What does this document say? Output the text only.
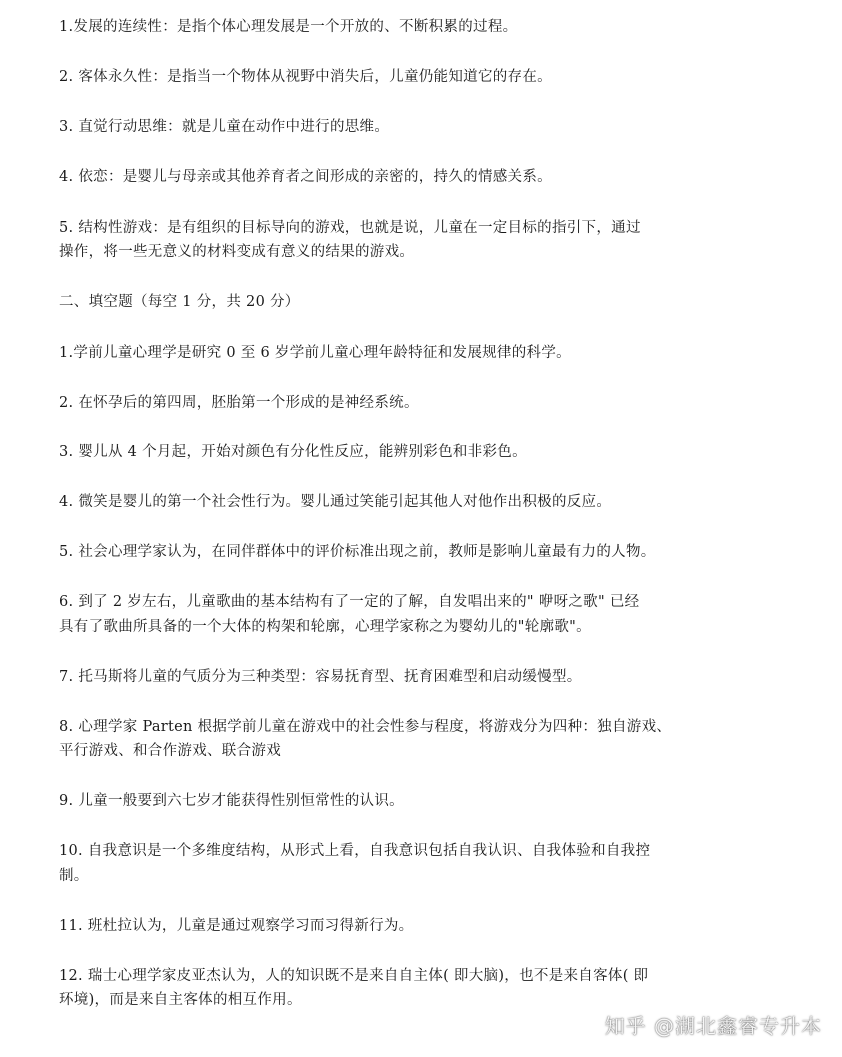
1.发展的连续性：是指个体心理发展是一个开放的、不断积累的过程。
2. 客体永久性：是指当一个物体从视野中消失后，儿童仍能知道它的存在。
3. 直觉行动思维：就是儿童在动作中进行的思维。
4. 依恋：是婴儿与母亲或其他养育者之间形成的亲密的，持久的情感关系。
5. 结构性游戏：是有组织的目标导向的游戏，也就是说，儿童在一定目标的指引下，通过
操作，将一些无意义的材料变成有意义的结果的游戏。
二、填空题（每空 1 分，共 20 分）
1.学前儿童心理学是研究 0 至 6 岁学前儿童心理年龄特征和发展规律的科学。
2. 在怀孕后的第四周，胚胎第一个形成的是神经系统。
3. 婴儿从 4 个月起，开始对颜色有分化性反应，能辨别彩色和非彩色。
4. 微笑是婴儿的第一个社会性行为。婴儿通过笑能引起其他人对他作出积极的反应。
5. 社会心理学家认为，在同伴群体中的评价标准出现之前，教师是影响儿童最有力的人物。
6. 到了 2 岁左右，儿童歌曲的基本结构有了一定的了解，自发唱出来的" 咿呀之歌" 已经
具有了歌曲所具备的一个大体的构架和轮廓，心理学家称之为婴幼儿的"轮廓歌"。
7. 托马斯将儿童的气质分为三种类型：容易抚育型、抚育困难型和启动缓慢型。
8. 心理学家 Parten 根据学前儿童在游戏中的社会性参与程度，将游戏分为四种：独自游戏、
平行游戏、和合作游戏、联合游戏
9. 儿童一般要到六七岁才能获得性别恒常性的认识。
10. 自我意识是一个多维度结构，从形式上看，自我意识包括自我认识、自我体验和自我控
制。
11. 班杜拉认为，儿童是通过观察学习而习得新行为。
12. 瑞士心理学家皮亚杰认为，人的知识既不是来自自主体( 即大脑)，也不是来自客体( 即
环境)，而是来自主客体的相互作用。
知乎 @湖北鑫睿专升本
